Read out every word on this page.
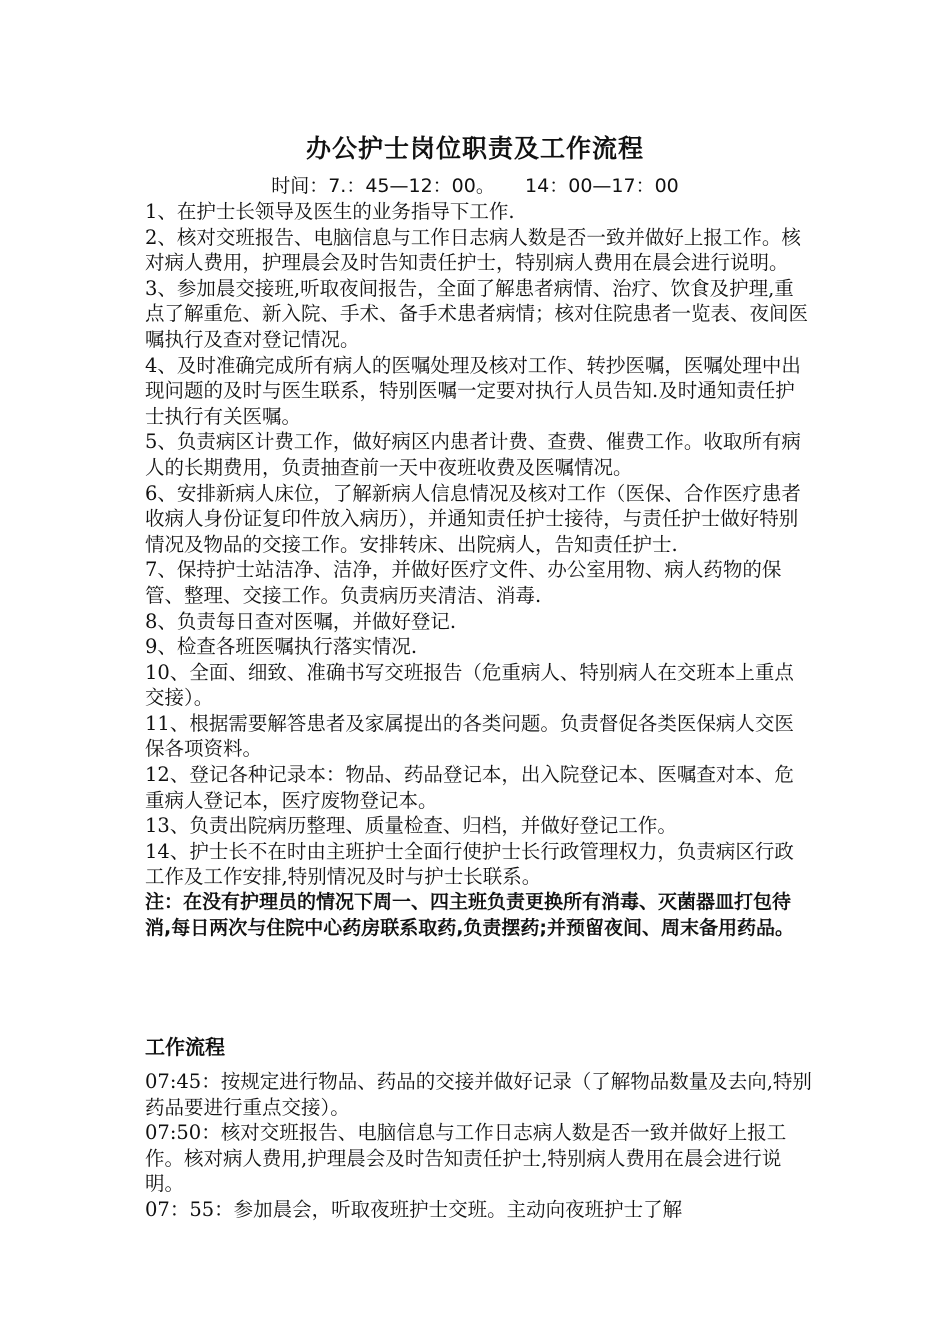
办公护士岗位职责及工作流程
时间：7.：45—12：00。     14：00—17：00

1、在护士长领导及医生的业务指导下工作.

2、核对交班报告、电脑信息与工作日志病人数是否一致并做好上报工作。核对病人费用，护理晨会及时告知责任护士，特别病人费用在晨会进行说明。

3、参加晨交接班,听取夜间报告，全面了解患者病情、治疗、饮食及护理,重点了解重危、新入院、手术、备手术患者病情；核对住院患者一览表、夜间医嘱执行及查对登记情况。

4、及时准确完成所有病人的医嘱处理及核对工作、转抄医嘱，医嘱处理中出现问题的及时与医生联系，特别医嘱一定要对执行人员告知.及时通知责任护士执行有关医嘱。

5、负责病区计费工作，做好病区内患者计费、查费、催费工作。收取所有病人的长期费用，负责抽查前一天中夜班收费及医嘱情况。

6、安排新病人床位，了解新病人信息情况及核对工作（医保、合作医疗患者收病人身份证复印件放入病历），并通知责任护士接待，与责任护士做好特别情况及物品的交接工作。安排转床、出院病人，告知责任护士.

7、保持护士站洁净、洁净，并做好医疗文件、办公室用物、病人药物的保管、整理、交接工作。负责病历夹清洁、消毒.

8、负责每日查对医嘱，并做好登记.

9、检查各班医嘱执行落实情况.

10、全面、细致、准确书写交班报告（危重病人、特别病人在交班本上重点交接）。

11、根据需要解答患者及家属提出的各类问题。负责督促各类医保病人交医保各项资料。

12、登记各种记录本：物品、药品登记本，出入院登记本、医嘱查对本、危重病人登记本，医疗废物登记本。

13、负责出院病历整理、质量检查、归档，并做好登记工作。

14、护士长不在时由主班护士全面行使护士长行政管理权力，负责病区行政工作及工作安排,特别情况及时与护士长联系。

注：在没有护理员的情况下周一、四主班负责更换所有消毒、灭菌器皿打包待消,每日两次与住院中心药房联系取药,负责摆药;并预留夜间、周末备用药品。

工作流程

07:45：按规定进行物品、药品的交接并做好记录（了解物品数量及去向,特别药品要进行重点交接）。

07:50：核对交班报告、电脑信息与工作日志病人数是否一致并做好上报工作。核对病人费用,护理晨会及时告知责任护士,特别病人费用在晨会进行说明。

07：55：参加晨会，听取夜班护士交班。主动向夜班护士了解
